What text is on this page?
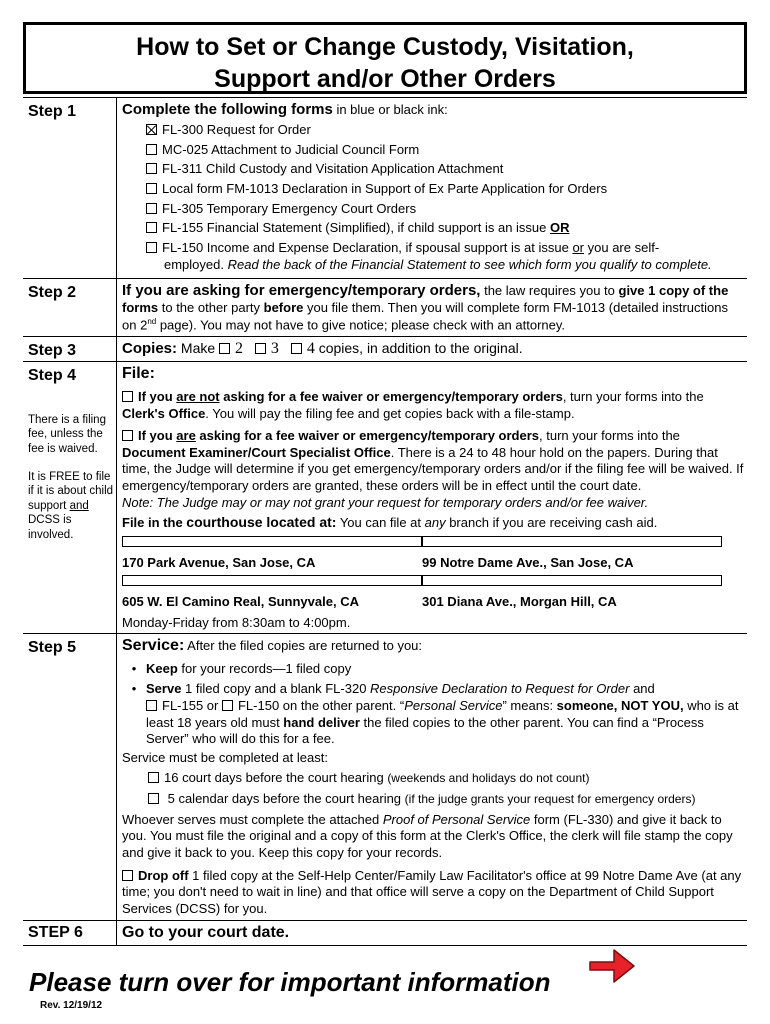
How to Set or Change Custody, Visitation,
Support and/or Other Orders
Step 1	Complete the following forms in blue or black ink:
FL-300 Request for Order
MC-025 Attachment to Judicial Council Form
FL-311 Child Custody and Visitation Application Attachment
Local form FM-1013 Declaration in Support of Ex Parte Application for Orders
FL-305 Temporary Emergency Court Orders
FL-155 Financial Statement (Simplified), if child support is an issue OR
FL-150 Income and Expense Declaration, if spousal support is at issue or you are self-
employed. Read the back of the Financial Statement to see which form you qualify to complete.
Step 2	If you are asking for emergency/temporary orders, the law requires you to give 1 copy of the forms to the other party before you file them. Then you will complete form FM-1013 (detailed instructions on 2nd page). You may not have to give notice; please check with an attorney.
Step 3	Copies: Make 2 3 4 copies, in addition to the original.
Step 4
There is a filing fee, unless the fee is waived.
It is FREE to file if it is about child support and DCSS is involved.
File:
If you are not asking for a fee waiver or emergency/temporary orders, turn your forms into the Clerk's Office. You will pay the filing fee and get copies back with a file-stamp.
If you are asking for a fee waiver or emergency/temporary orders, turn your forms into the Document Examiner/Court Specialist Office. There is a 24 to 48 hour hold on the papers. During that time, the Judge will determine if you get emergency/temporary orders and/or if the filing fee will be waived. If emergency/temporary orders are granted, these orders will be in effect until the court date.
Note: The Judge may or may not grant your request for temporary orders and/or fee waiver.
File in the courthouse located at: You can file at any branch if you are receiving cash aid.
170 Park Avenue, San Jose, CA	99 Notre Dame Ave., San Jose, CA
605 W. El Camino Real, Sunnyvale, CA	301 Diana Ave., Morgan Hill, CA
Monday-Friday from 8:30am to 4:00pm.
Step 5	Service: After the filed copies are returned to you:
• Keep for your records—1 filed copy
• Serve 1 filed copy and a blank FL-320 Responsive Declaration to Request for Order and
FL-155 or FL-150 on the other parent. “Personal Service” means: someone, NOT YOU, who is at least 18 years old must hand deliver the filed copies to the other parent. You can find a “Process Server” who will do this for a fee.
Service must be completed at least:
16 court days before the court hearing (weekends and holidays do not count)
5 calendar days before the court hearing (if the judge grants your request for emergency orders)
Whoever serves must complete the attached Proof of Personal Service form (FL-330) and give it back to you. You must file the original and a copy of this form at the Clerk's Office, the clerk will file stamp the copy and give it back to you. Keep this copy for your records.
Drop off 1 filed copy at the Self-Help Center/Family Law Facilitator's office at 99 Notre Dame Ave (at any time; you don't need to wait in line) and that office will serve a copy on the Department of Child Support Services (DCSS) for you.
STEP 6	Go to your court date.
Please turn over for important information
Rev. 12/19/12
